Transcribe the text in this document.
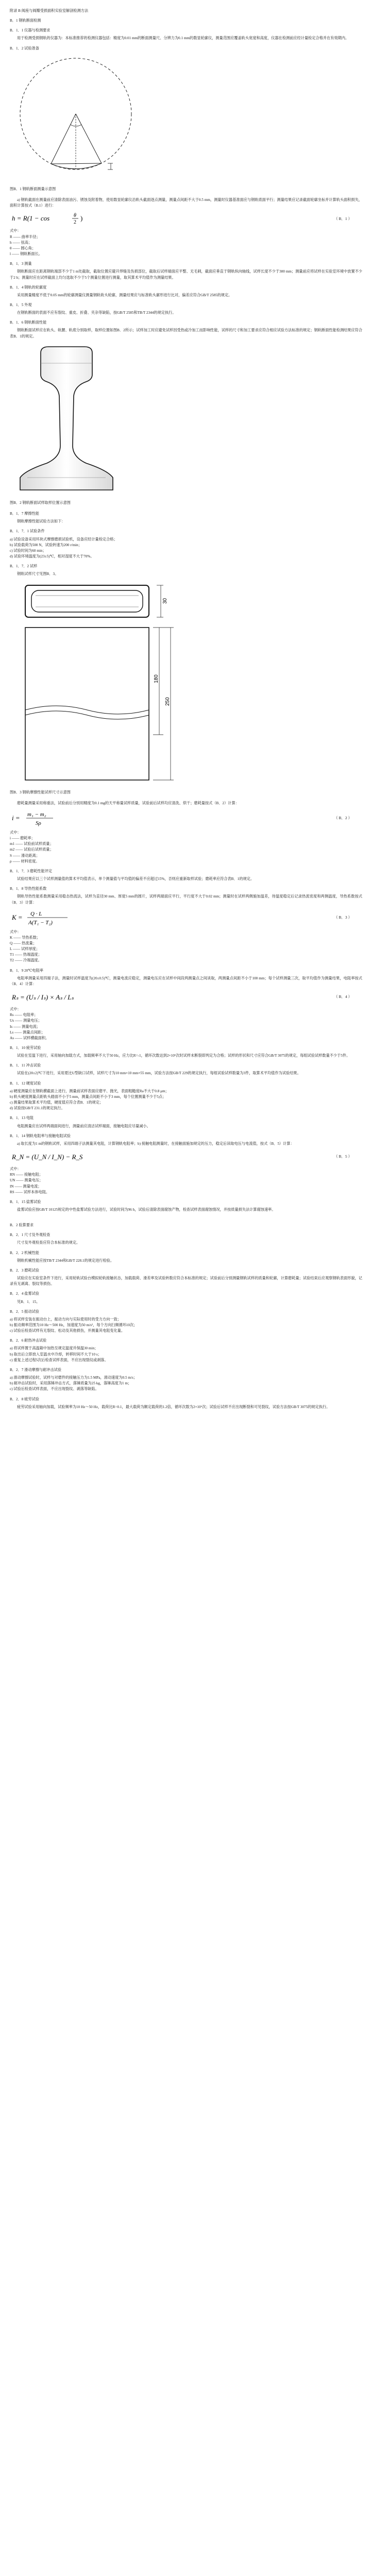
附录 B 阀座与阀瓣受损面积实验室解剖检测方法
B．1 钢轨断面检测
B．1．1 仪器与检测要求
用于检测受损钢轨的仪器为：本标准推荐的检测仪器包括：精度为0.01 mm的断面测量尺、分辨力为0.1 mm的数显轮廓仪，测量范围应覆盖轨头宽度和高度，仪器在检测前应经计量检定合格并在有效期内。
B．1．2 试验准备
图B．1 钢轨断面测量示意图
a) 钢轨截面在测量前应清除表面油污、锈蚀及附着物，使用数显轮廓仪沿轨头截面逐点测量，测量点间距不大于0.5 mm，测量时仪器基准面应与钢轨底面平行；测量结果应记录截面轮廓坐标并计算轨头面积损失，面积计算按式（B.1）进行：
h = R(1 − cos	θ
2
)	（ B．1 ）
式中：
R —— 曲率半径；
h —— 弦高；
θ —— 圆心角；
l —— 钢轨断面长。
B．1．3 测量
钢轨断面应在距离钢轨端部不少于1 m处截取，截取位置应避开焊缝及伤损部位，截取后试样端面应平整、无毛刺，截面应垂直于钢轨纵向轴线，试样长度不少于300 mm；测量前应将试样在实验室环境中放置不少于2 h；测量时应在试样截面上均匀选取不少于5个测量位置进行测量，取其算术平均值作为测量结果。
B．1．4 钢轨的轮廓度
采用测量精度不低于0.05 mm的轮廓测量仪测量钢轨轨头轮廓，测量结果应与标准轨头廓形进行比对，偏差应符合GB/T 2585的规定。
B．1．5 外观
在钢轨断面的表面不应有裂纹、重皮、折叠、夹杂等缺陷，按GB/T 2585和TB/T 2344的规定执行。
B．1．6 钢轨断面性能
钢轨断面试样应在轨头、轨腰、轨底分别取样，取样位置如图B．2所示；试样加工时应避免试样因受热或冷加工而影响性能，试样的尺寸和加工要求应符合相应试验方法标准的规定；钢轨断面性能检测结果应符合表B．1的规定。
图B．2 钢轨断面试样取样位置示意图
B．1．7 摩擦性能
钢轨摩擦性能试验方法如下：
B．1．7．1 试验条件
a) 试验设备采用环块式摩擦磨损试验机，设备应经计量检定合格；
b) 试验载荷为500 N，试验转速为200 r/min；
c) 试验时间为60 min；
d) 试验环境温度为(23±5)℃，相对湿度不大于70%。
B．1．7．2 试样
钢轨试样尺寸见图B．3。
30
180
250
图B．3 钢轨摩擦性能试样尺寸示意图
磨耗量测量采用称重法，试验前后分别用精度为0.1 mg的天平称量试样质量，试验前后试样均应清洗、烘干；磨耗量按式（B．2）计算：
i = m₁ − m₂
Sρ
（ B．2 ）
式中：
i —— 磨耗率；
m1 —— 试验前试样质量；
m2 —— 试验后试样质量；
S —— 滑动距离；
ρ —— 材料密度。
B．1．7．3 磨耗性能评定
试验结果应以三个试样测量值的算术平均值表示，单个测量值与平均值的偏差不应超过15%，否则应重新取样试验；磨耗率应符合表B．1的规定。
B．1．8 导热性能系数
钢轨导热性能系数测量采用稳态热流法，试样为直径30 mm、厚度5 mm的圆片，试样两端面应平行，平行度不大于0.02 mm；测量时在试样两侧施加温差，待温度稳定后记录热流密度和两侧温度，导热系数按式（B．3）计算：
K = Q · L
A(T₁ − T₂)
（ B．3 ）
式中：
K —— 导热系数；
Q —— 热流量；
L —— 试样厚度；
T1 —— 热端温度；
T2 —— 冷端温度。
B．1．9 20℃电阻率
电阻率测量采用四端子法，测量时试样温度为(20±0.5)℃，测量电流应稳定，测量电压应在试样中间段两测量点之间读取，两测量点间距不小于100 mm；每个试样测量三次，取平均值作为测量结果，电阻率按式（B．4）计算：
Rₛ = (Uₛ / Iₛ) × Aₛ / Lₛ	（ B．4 ）
式中：
Rs —— 电阻率；
Us —— 测量电压；
Is —— 测量电流；
Ls —— 测量点间距；
As —— 试样横截面积。
B．1．10 疲劳试验
试验在室温下进行，采用轴向加载方式，加载频率不大于50 Hz，应力比R=-1，循环次数达到2×10⁶次时试样未断裂即判定为合格；试样的形状和尺寸应符合GB/T 3075的规定，每组试验试样数量不少于5件。
B．1．11 冲击试验
试验在(20±2)℃下进行，采用夏比U型缺口试样，试样尺寸为10 mm×10 mm×55 mm，试验方法按GB/T 229的规定执行，每组试验试样数量为3件，取算术平均值作为试验结果。
B．1．12 硬度试验
a) 硬度测量应在钢轨横截面上进行，测量前试样表面应磨平、抛光，表面粗糙度Ra不大于0.8 μm；
b) 轨头硬度测量点距轨头踏面不小于5 mm，测量点间距不小于3 mm，每个位置测量不少于5点；
c) 测量结果取算术平均值，硬度值应符合表B．1的规定；
d) 试验按GB/T 231.1的规定执行。
B．1．13 电阻
电阻测量应在试样两端面间进行，测量前应清洁试样端面，接触电阻应尽量减小。
B．1．14 钢轨电阻率与接触电阻试验
a) 取长度为1 m的钢轨试样，采用四端子法测量其电阻，计算钢轨电阻率；b) 接触电阻测量时，在接触面施加规定的压力，稳定后读取电压与电流值，按式（B．5）计算：
R_N = (U_N / I_N) − R_S	（ B．5 ）
式中：
RN —— 接触电阻；
UN —— 测量电压；
IN —— 测量电流；
RS —— 试样本体电阻。
B．1．15 盐雾试验
盐雾试验应按GB/T 10125规定的中性盐雾试验方法进行，试验时间为96 h，试验后清除表面腐蚀产物，检查试样表面腐蚀情况，并按质量损失法计算腐蚀速率。
B．2 验算要求
B．2．1 尺寸及外观检查
尺寸及外观检查应符合本标准的规定。
B．2．2 机械性能
钢轨机械性能应按TB/T 2344和GB/T 228.1的规定进行检验。
B．2．3 磨耗试验
试验应在实验室条件下进行，采用轮轨试验台模拟轮轨接触状态，加载载荷、滑差率及试验转数应符合本标准的规定；试验前后分别测量钢轨试样的质量和轮廓，计算磨耗量；试验结束后应观察钢轨表面形貌，记录有无剥离、裂纹等损伤。
B．2．4 盐雾试验
见B．1．15。
B．2．5 振动试验
a) 将试样安装在振动台上，振动方向与实际使用时的受力方向一致；
b) 振动频率范围为10 Hz～500 Hz，加速度为50 m/s²，每个方向扫频循环10次；
c) 试验后检查试样有无裂纹、松动及其他损伤，并测量其电阻变化量。
B．2．6 耐热冲击试验
a) 将试样置于高温箱中加热至规定温度并保温30 min；
b) 取出后立即放入室温水中冷却，转移时间不大于10 s；
c) 重复上述过程5次后检查试样表面，不应出现裂纹或剥落。
B．2．7 滑动摩擦与耐冲击试验
a) 滑动摩擦试验时，试样与对磨件的接触压力为1.5 MPa，滑动速度为0.5 m/s；
b) 耐冲击试验时，采用落锤冲击方式，落锤质量为25 kg，落锤高度为1 m；
c) 试验后检查试样表面，不应出现裂纹、剥落等缺陷。
B．2．8 疲劳试验
疲劳试验采用轴向加载，试验频率为10 Hz～50 Hz，载荷比R=0.1，最大载荷为额定载荷的1.2倍，循环次数为2×10⁶次；试验后试样不应出现断裂和可见裂纹，试验方法按GB/T 3075的规定执行。
